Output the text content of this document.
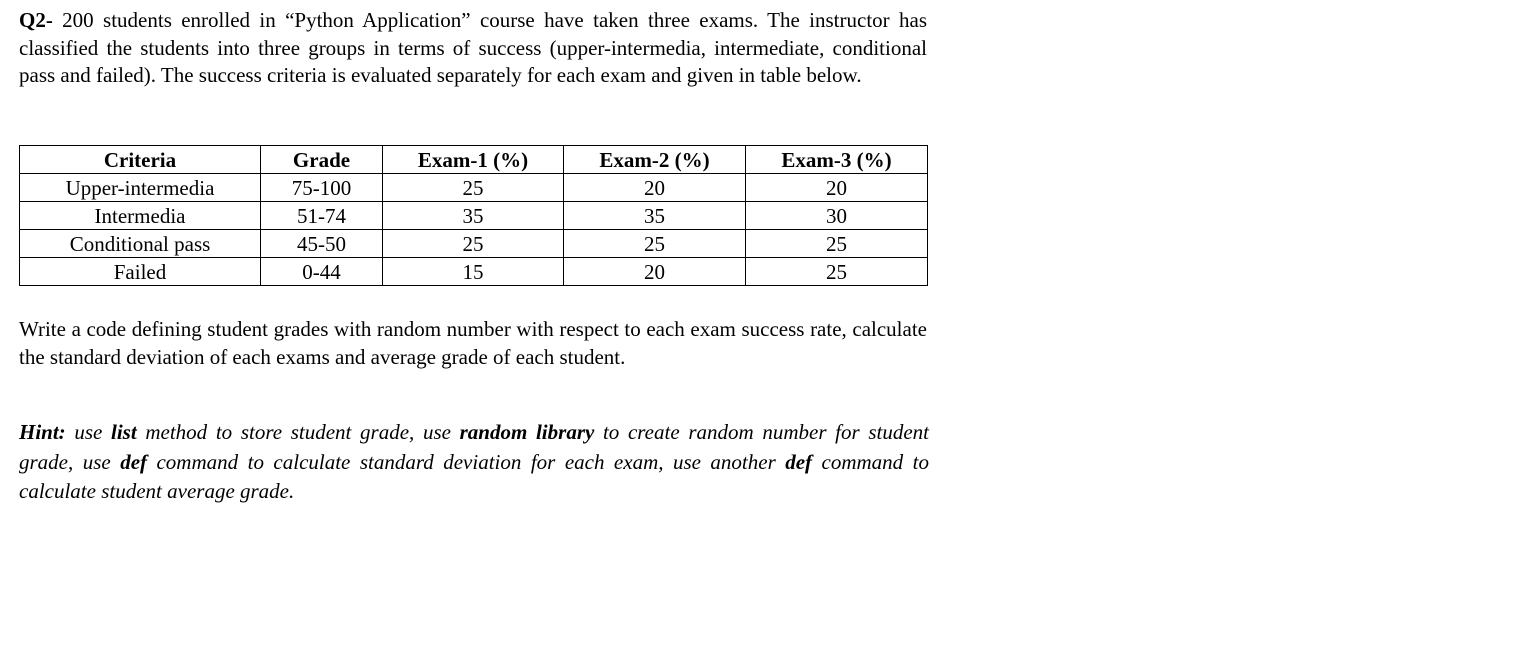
Q2- 200 students enrolled in “Python Application” course have taken three exams. The instructor has classified the students into three groups in terms of success (upper-intermedia, intermediate, conditional pass and failed). The success criteria is evaluated separately for each exam and given in table below.

Criteria	Grade	Exam-1 (%)	Exam-2 (%)	Exam-3 (%)
Upper-intermedia	75-100	25	20	20
Intermedia	51-74	35	35	30
Conditional pass	45-50	25	25	25
Failed	0-44	15	20	25

Write a code defining student grades with random number with respect to each exam success rate, calculate the standard deviation of each exams and average grade of each student.

Hint: use list method to store student grade, use random library to create random number for student grade, use def command to calculate standard deviation for each exam, use another def command to calculate student average grade.
